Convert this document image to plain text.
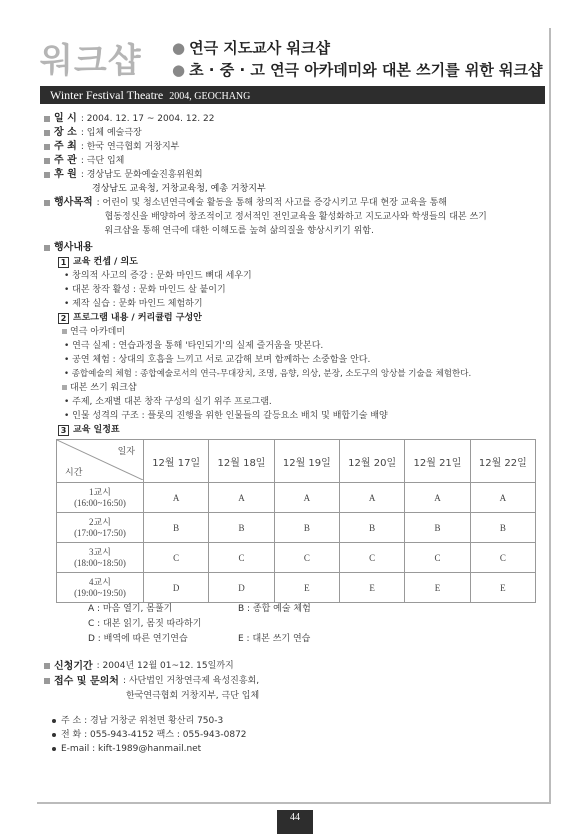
워크샵 ● 연극 지도교사 워크샵
● 초 · 중 · 고 연극 아카데미와 대본 쓰기를 위한 워크샵
Winter Festival Theatre 2004, GEOCHANG
일 시 : 2004. 12. 17 ~ 2004. 12. 22
장 소 : 입체 예술극장
주 최 : 한국 연극협회 거창지부
주 관 : 극단 입체
후 원 : 경상남도 문화예술진흥위원회
경상남도 교육청, 거창교육청, 예총 거창지부
행사목적 : 어린이 및 청소년연극예술 활동을 통해 창의적 사고를 증강시키고 무대 현장 교육을 통해
협동정신을 배양하여 창조적이고 정서적인 전인교육을 활성화하고 지도교사와 학생들의 대본 쓰기
워크샵을 통해 연극에 대한 이해도를 높혀 삶의질을 향상시키기 위함.
행사내용
1 교육 컨셉 / 의도
• 창의적 사고의 증강 : 문화 마인드 뼈대 세우기
• 대본 창작 활성 : 문화 마인드 살 붙이기
• 제작 실습 : 문화 마인드 체험하기
2 프로그램 내용 / 커리큘럼 구성안
연극 아카데미
• 연극 실제 : 연습과정을 통해 '타인되기'의 실제 즐거움을 맛본다.
• 공연 체험 : 상대의 호흡을 느끼고 서로 교감해 보며 함께하는 소중함을 안다.
• 종합예술의 체험 : 종합예술로서의 연극-무대장치, 조명, 음향, 의상, 분장, 소도구의 앙상블 기술을 체험한다.
대본 쓰기 워크샵
• 주제, 소재별 대본 창작 구성의 실기 위주 프로그램.
• 인물 성격의 구조 : 플롯의 진행을 위한 인물들의 갈등요소 배치 및 배합기술 배양
3 교육 일정표
일자
시간	12월 17일	12월 18일	12월 19일	12월 20일	12월 21일	12월 22일

1교시
(16:00~16:50)	A	A	A	A	A	A

2교시
(17:00~17:50)	B	B	B	B	B	B

3교시
(18:00~18:50)	C	C	C	C	C	C

4교시
(19:00~19:50)	D	D	E	E	E	E
A : 마음 열기, 몸풀기	B : 종합 예술 체험
C : 대본 읽기, 몸짓 따라하기
D : 배역에 따른 연기연습	E : 대본 쓰기 연습
신청기간 : 2004년 12월 01~12. 15일까지
접수 및 문의처 : 사단법인 거창연극제 육성진흥회,
한국연극협회 거창지부, 극단 입체
주 소 : 경남 거창군 위천면 황산리 750-3
전 화 : 055-943-4152 팩스 : 055-943-0872
E-mail : kift-1989@hanmail.net
44
